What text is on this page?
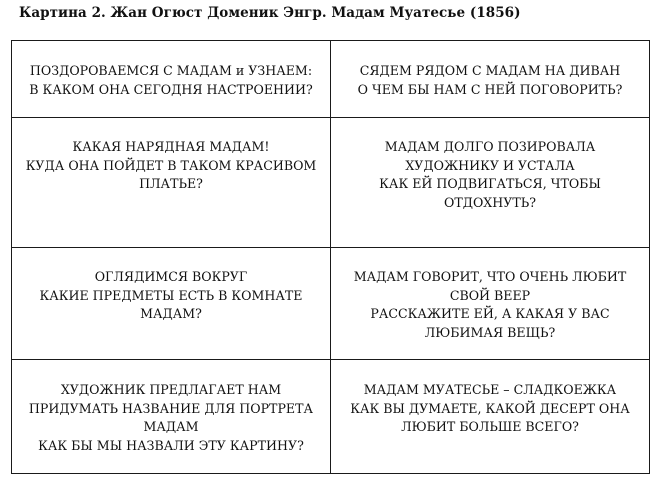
Картина 2. Жан Огюст Доменик Энгр. Мадам Муатесье (1856)
ПОЗДОРОВАЕМСЯ С МАДАМ и УЗНАЕМ:
В КАКОМ ОНА СЕГОДНЯ НАСТРОЕНИИ?
СЯДЕМ РЯДОМ С МАДАМ НА ДИВАН
О ЧЕМ БЫ НАМ С НЕЙ ПОГОВОРИТЬ?
КАКАЯ НАРЯДНАЯ МАДАМ!
КУДА ОНА ПОЙДЕТ В ТАКОМ КРАСИВОМ
ПЛАТЬЕ?
МАДАМ ДОЛГО ПОЗИРОВАЛА
ХУДОЖНИКУ И УСТАЛА
КАК ЕЙ ПОДВИГАТЬСЯ, ЧТОБЫ
ОТДОХНУТЬ?
ОГЛЯДИМСЯ ВОКРУГ
КАКИЕ ПРЕДМЕТЫ ЕСТЬ В КОМНАТЕ
МАДАМ?
МАДАМ ГОВОРИТ, ЧТО ОЧЕНЬ ЛЮБИТ
СВОЙ ВЕЕР
РАССКАЖИТЕ ЕЙ, А КАКАЯ У ВАС
ЛЮБИМАЯ ВЕЩЬ?
ХУДОЖНИК ПРЕДЛАГАЕТ НАМ
ПРИДУМАТЬ НАЗВАНИЕ ДЛЯ ПОРТРЕТА
МАДАМ
КАК БЫ МЫ НАЗВАЛИ ЭТУ КАРТИНУ?
МАДАМ МУАТЕСЬЕ – СЛАДКОЕЖКА
КАК ВЫ ДУМАЕТЕ, КАКОЙ ДЕСЕРТ ОНА
ЛЮБИТ БОЛЬШЕ ВСЕГО?
